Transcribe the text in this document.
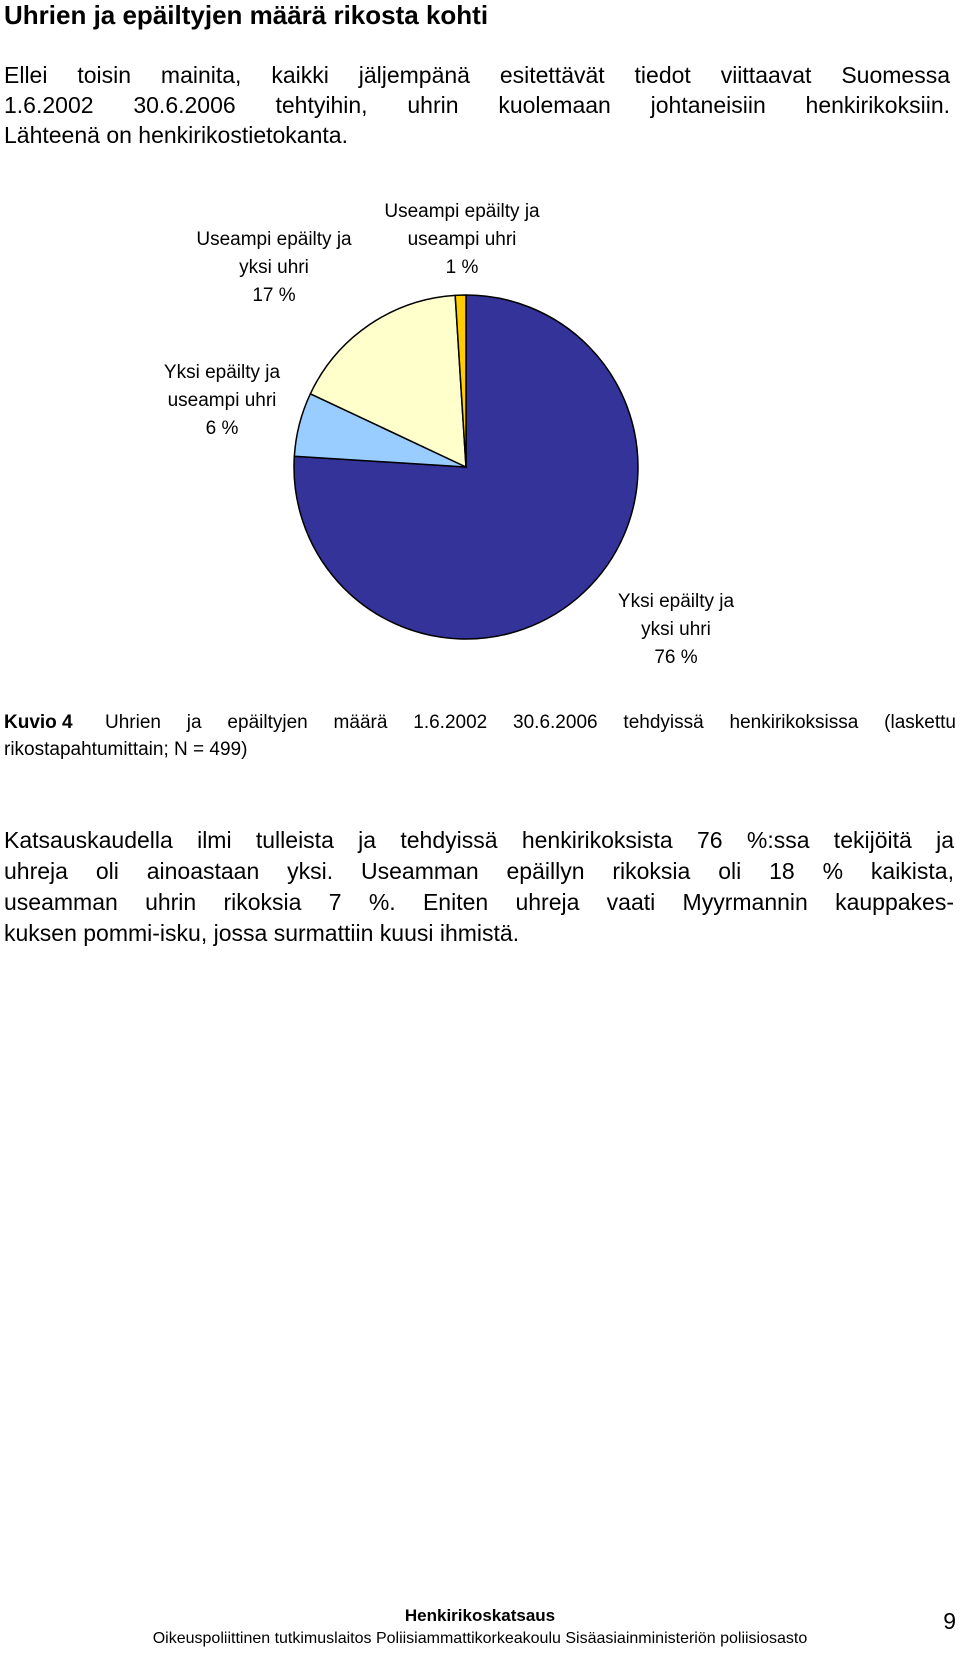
Uhrien ja epäiltyjen määrä rikosta kohti

Ellei toisin mainita, kaikki jäljempänä esitettävät tiedot viittaavat Suomessa
1.6.2002 30.6.2006 tehtyihin, uhrin kuolemaan johtaneisiin henkirikoksiin.
Lähteenä on henkirikostietokanta.

Yksi epäilty ja yksi uhri 76 %
Yksi epäilty ja useampi uhri 6 %
Useampi epäilty ja yksi uhri 17 %
Useampi epäilty ja useampi uhri 1 %
Kuvio 4 Uhrien ja epäiltyjen määrä 1.6.2002 30.6.2006 tehdyissä henkirikoksissa (laskettu
rikostapahtumittain; N = 499)

Katsauskaudella ilmi tulleista ja tehdyissä henkirikoksista 76 %:ssa tekijöitä ja
uhreja oli ainoastaan yksi. Useamman epäillyn rikoksia oli 18 % kaikista,
useamman uhrin rikoksia 7 %. Eniten uhreja vaati Myyrmannin kauppakes-
kuksen pommi-isku, jossa surmattiin kuusi ihmistä.

Henkirikoskatsaus
Oikeuspoliittinen tutkimuslaitos Poliisiammattikorkeakoulu Sisäasiainministeriön poliisiosasto
9
